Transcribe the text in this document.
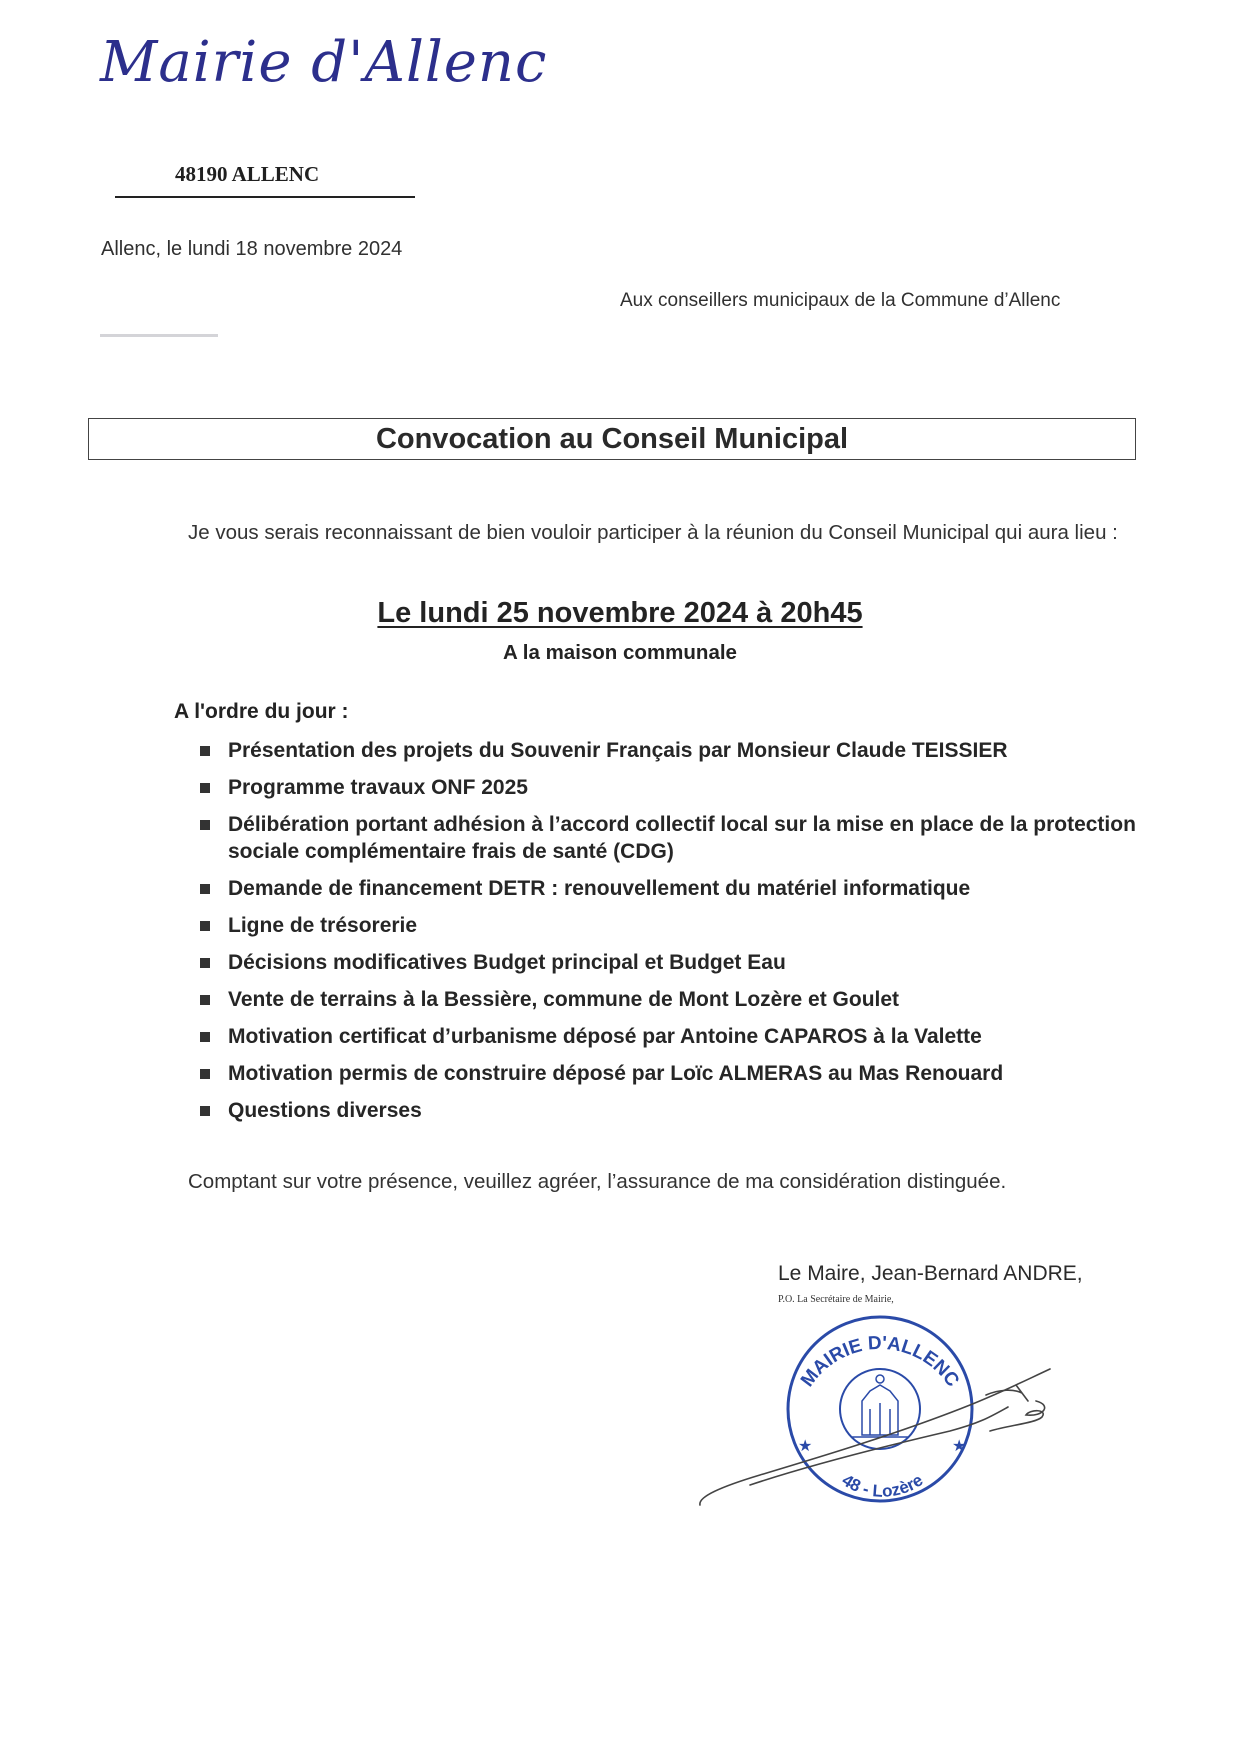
Mairie d'Allenc
48190 ALLENC
Allenc, le lundi 18 novembre 2024
Aux conseillers municipaux de la Commune d’Allenc
Convocation au Conseil Municipal
Je vous serais reconnaissant de bien vouloir participer à la réunion du Conseil Municipal qui aura lieu :
Le lundi 25 novembre 2024 à 20h45
A la maison communale
A l'ordre du jour :
Présentation des projets du Souvenir Français par Monsieur Claude TEISSIER
Programme travaux ONF 2025
Délibération portant adhésion à l’accord collectif local sur la mise en place de la protection sociale complémentaire frais de santé (CDG)
Demande de financement DETR : renouvellement du matériel informatique
Ligne de trésorerie
Décisions modificatives Budget principal et Budget Eau
Vente de terrains à la Bessière, commune de Mont Lozère et Goulet
Motivation certificat d’urbanisme déposé par Antoine CAPAROS à la Valette
Motivation permis de construire déposé par Loïc ALMERAS au Mas Renouard
Questions diverses
Comptant sur votre présence, veuillez agréer, l’assurance de ma considération distinguée.
Le Maire, Jean-Bernard ANDRE,
P.O. La Secrétaire de Mairie,
★	★
MAIRIE D'ALLENC
48 - Lozère
